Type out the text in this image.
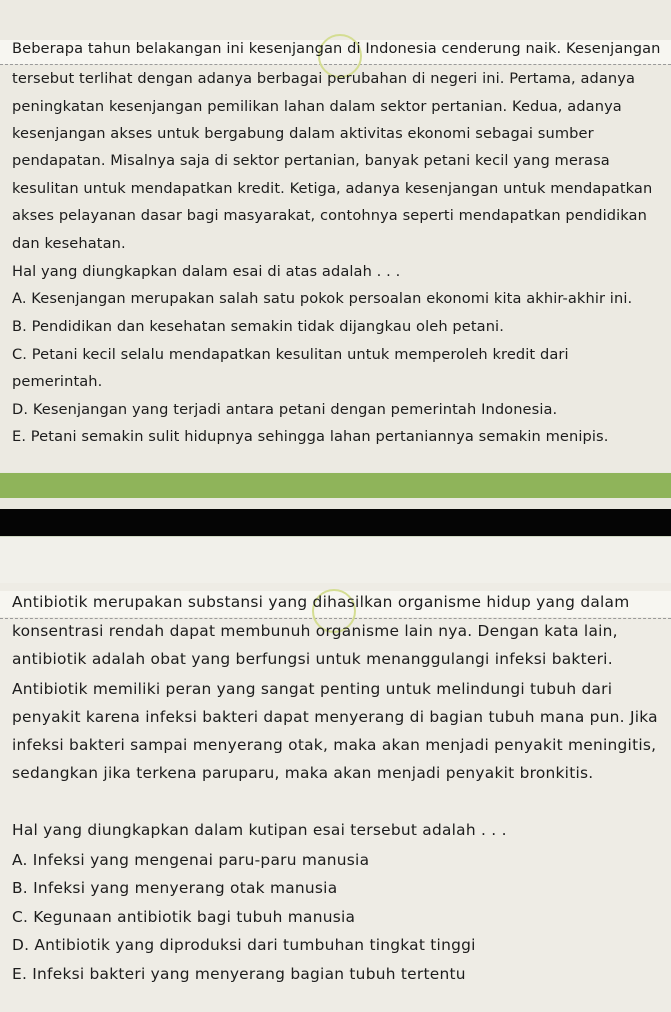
Beberapa tahun belakangan ini kesenjangan di Indonesia cenderung naik. Kesenjangan
tersebut terlihat dengan adanya berbagai perubahan di negeri ini. Pertama, adanya
peningkatan kesenjangan pemilikan lahan dalam sektor pertanian. Kedua, adanya
kesenjangan akses untuk bergabung dalam aktivitas ekonomi sebagai sumber
pendapatan. Misalnya saja di sektor pertanian, banyak petani kecil yang merasa
kesulitan untuk mendapatkan kredit. Ketiga, adanya kesenjangan untuk mendapatkan
akses pelayanan dasar bagi masyarakat, contohnya seperti mendapatkan pendidikan
dan kesehatan.
Hal yang diungkapkan dalam esai di atas adalah . . .
A. Kesenjangan merupakan salah satu pokok persoalan ekonomi kita akhir-akhir ini.
B. Pendidikan dan kesehatan semakin tidak dijangkau oleh petani.
C. Petani kecil selalu mendapatkan kesulitan untuk memperoleh kredit dari
pemerintah.
D. Kesenjangan yang terjadi antara petani dengan pemerintah Indonesia.
E. Petani semakin sulit hidupnya sehingga lahan pertaniannya semakin menipis.
Antibiotik merupakan substansi yang dihasilkan organisme hidup yang dalam
konsentrasi rendah dapat membunuh organisme lain nya. Dengan kata lain,
antibiotik adalah obat yang berfungsi untuk menanggulangi infeksi bakteri.
Antibiotik memiliki peran yang sangat penting untuk melindungi tubuh dari
penyakit karena infeksi bakteri dapat menyerang di bagian tubuh mana pun. Jika
infeksi bakteri sampai menyerang otak, maka akan menjadi penyakit meningitis,
sedangkan jika terkena paruparu, maka akan menjadi penyakit bronkitis.
Hal yang diungkapkan dalam kutipan esai tersebut adalah . . .
A. Infeksi yang mengenai paru-paru manusia
B. Infeksi yang menyerang otak manusia
C. Kegunaan antibiotik bagi tubuh manusia
D. Antibiotik yang diproduksi dari tumbuhan tingkat tinggi
E. Infeksi bakteri yang menyerang bagian tubuh tertentu
